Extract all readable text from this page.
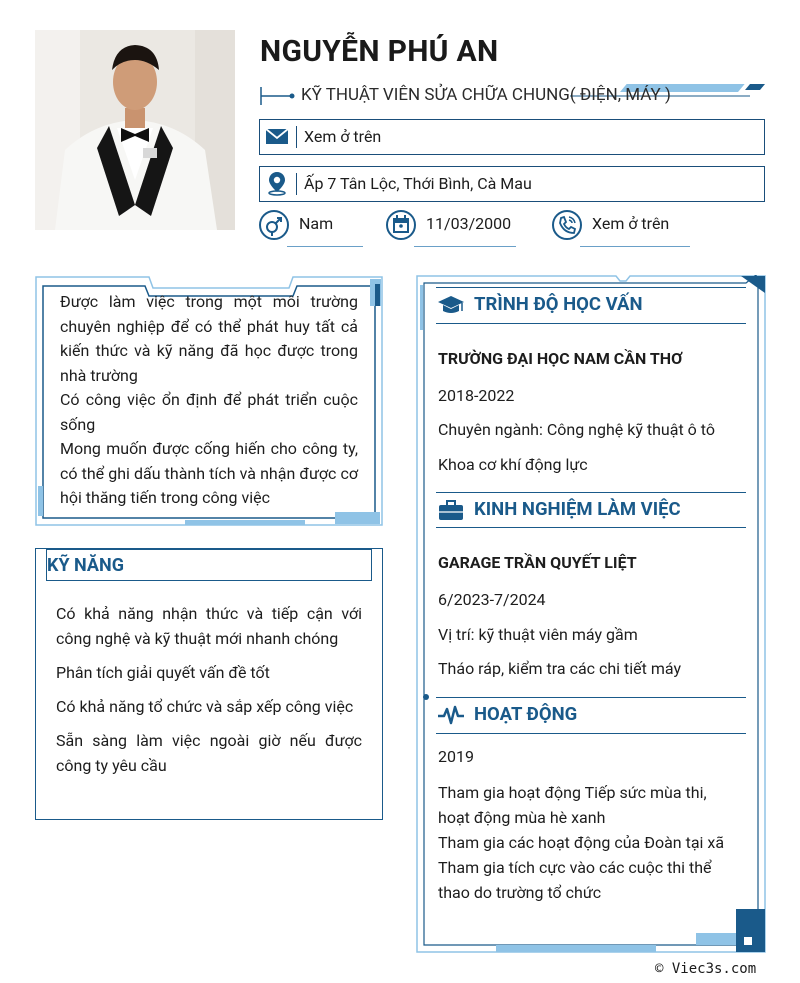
NGUYỄN PHÚ AN
KỸ THUẬT VIÊN SỬA CHỮA CHUNG( ĐIỆN, MÁY )
Xem ở trên
Ấp 7 Tân Lộc, Thới Bình, Cà Mau
Nam	11/03/2000	Xem ở trên

Được làm việc trong một môi trường chuyên nghiệp để có thể phát huy tất cả kiến thức và kỹ năng đã học được trong nhà trường

Có công việc ổn định để phát triển cuộc sống

Mong muốn được cống hiến cho công ty, có thể ghi dấu thành tích và nhận được cơ hội thăng tiến trong công việc

KỸ NĂNG

Có khả năng nhận thức và tiếp cận với công nghệ và kỹ thuật mới nhanh chóng

Phân tích giải quyết vấn đề tốt

Có khả năng tổ chức và sắp xếp công việc

Sẵn sàng làm việc ngoài giờ nếu được công ty yêu cầu

TRÌNH ĐỘ HỌC VẤN
TRƯỜNG ĐẠI HỌC NAM CẦN THƠ
2018-2022
Chuyên ngành: Công nghệ kỹ thuật ô tô
Khoa cơ khí động lực
KINH NGHIỆM LÀM VIỆC
GARAGE TRẦN QUYẾT LIỆT
6/2023-7/2024
Vị trí: kỹ thuật viên máy gầm
Tháo ráp, kiểm tra các chi tiết máy
HOẠT ĐỘNG
2019
Tham gia hoạt động Tiếp sức mùa thi, hoạt động mùa hè xanh
Tham gia các hoạt động của Đoàn tại xã
Tham gia tích cực vào các cuộc thi thể thao do trường tổ chức
© Viec3s.com
